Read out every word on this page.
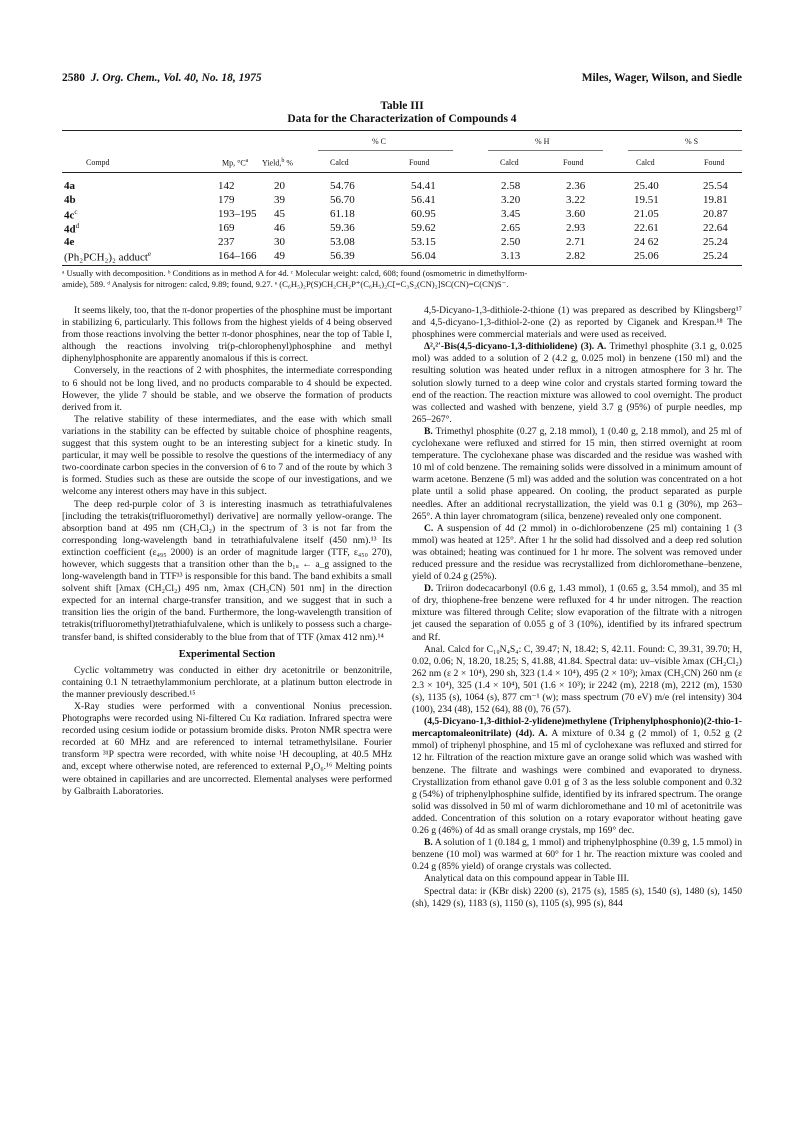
2580 J. Org. Chem., Vol. 40, No. 18, 1975	Miles, Wager, Wilson, and Siedle
Table III
Data for the Characterization of Compounds 4
% C	% H	% S
Compd	Mp, $^\circ C^a$ Yield,$^b$ %	Calcd	Found	Calcd	Found	Calcd	Found
4a	142	20	54.76	54.41	2.58	2.36	25.40	25.54
4b	179	39	56.70	56.41	3.20	3.22	19.51	19.81
$4c^c$	193–195 45	61.18	60.95	3.45	3.60	21.05	20.87
$4d^d$	169	46	59.36	59.62	2.65	2.93	22.61	22.64
4e	237	30	53.08	53.15	2.50	2.71	24 62	25.24
(Ph₂PCH₂)₂ adduct$^e$	164–166 49	56.39	56.04	3.13	2.82	25.06	25.24
ᵃ Usually with decomposition. ᵇ Conditions as in method A for 4d. ᶜ Molecular weight: calcd, 608; found (osmometric in dimethylform-
amide), 589. ᵈ Analysis for nitrogen: calcd, 9.89; found, 9.27. ᵉ (C₆H₅)₂P(S)CH₂CH₂P⁺(C₆H₅)₂C[=C₃S₂(CN)₂]SC(CN)=C(CN)S⁻.

It seems likely, too, that the π-donor properties of the phosphine must be important in stabilizing 6, particularly. This follows from the highest yields of 4 being observed from those reactions involving the better π-donor phosphines, near the top of Table I, although the reactions involving tri(p-chlorophenyl)phosphine and methyl diphenylphosphonite are apparently anomalous if this is correct.

Conversely, in the reactions of 2 with phosphites, the intermediate corresponding to 6 should not be long lived, and no products comparable to 4 should be expected. However, the ylide 7 should be stable, and we observe the formation of products derived from it.

The relative stability of these intermediates, and the ease with which small variations in the stability can be effected by suitable choice of phosphine reagents, suggest that this system ought to be an interesting subject for a kinetic study. In particular, it may well be possible to resolve the questions of the intermediacy of any two-coordinate carbon species in the conversion of 6 to 7 and of the route by which 3 is formed. Studies such as these are outside the scope of our investigations, and we welcome any interest others may have in this subject.

The deep red-purple color of 3 is interesting inasmuch as tetrathiafulvalenes [including the tetrakis(trifluoromethyl) derivative] are normally yellow-orange. The absorption band at 495 nm (CH₂Cl₂) in the spectrum of 3 is not far from the corresponding long-wavelength band in tetrathiafulvalene itself (450 nm).¹³ Its extinction coefficient (ε₄₉₅ 2000) is an order of magnitude larger (TTF, ε₄₅₀ 270), however, which suggests that a transition other than the b₁ᵤ ← a_g assigned to the long-wavelength band in TTF¹³ is responsible for this band. The band exhibits a small solvent shift [λmax (CH₂Cl₂) 495 nm, λmax (CH₃CN) 501 nm] in the direction expected for an internal charge-transfer transition, and we suggest that in such a transition lies the origin of the band. Furthermore, the long-wavelength transition of tetrakis(trifluoromethyl)tetrathiafulvalene, which is unlikely to possess such a charge-transfer band, is shifted considerably to the blue from that of TTF (λmax 412 nm).¹⁴

Experimental Section

Cyclic voltammetry was conducted in either dry acetonitrile or benzonitrile, containing 0.1 N tetraethylammonium perchlorate, at a platinum button electrode in the manner previously described.¹⁵

X-Ray studies were performed with a conventional Nonius precession. Photographs were recorded using Ni-filtered Cu Kα radiation. Infrared spectra were recorded using cesium iodide or potassium bromide disks. Proton NMR spectra were recorded at 60 MHz and are referenced to internal tetramethylsilane. Fourier transform ³¹P spectra were recorded, with white noise ¹H decoupling, at 40.5 MHz and, except where otherwise noted, are referenced to external P₄O₆.¹⁶ Melting points were obtained in capillaries and are uncorrected. Elemental analyses were performed by Galbraith Laboratories.

4,5-Dicyano-1,3-dithiole-2-thione (1) was prepared as described by Klingsberg¹⁷ and 4,5-dicyano-1,3-dithiol-2-one (2) as reported by Ciganek and Krespan.¹⁸ The phosphines were commercial materials and were used as received.

Δ²,²′-Bis(4,5-dicyano-1,3-dithiolidene) (3). A. Trimethyl phosphite (3.1 g, 0.025 mol) was added to a solution of 2 (4.2 g, 0.025 mol) in benzene (150 ml) and the resulting solution was heated under reflux in a nitrogen atmosphere for 3 hr. The solution slowly turned to a deep wine color and crystals started forming toward the end of the reaction. The reaction mixture was allowed to cool overnight. The product was collected and washed with benzene, yield 3.7 g (95%) of purple needles, mp 265–267°.

B. Trimethyl phosphite (0.27 g, 2.18 mmol), 1 (0.40 g, 2.18 mmol), and 25 ml of cyclohexane were refluxed and stirred for 15 min, then stirred overnight at room temperature. The cyclohexane phase was discarded and the residue was washed with 10 ml of cold benzene. The remaining solids were dissolved in a minimum amount of warm acetone. Benzene (5 ml) was added and the solution was concentrated on a hot plate until a solid phase appeared. On cooling, the product separated as purple needles. After an additional recrystallization, the yield was 0.1 g (30%), mp 263–265°. A thin layer chromatogram (silica, benzene) revealed only one component.

C. A suspension of 4d (2 mmol) in o-dichlorobenzene (25 ml) containing 1 (3 mmol) was heated at 125°. After 1 hr the solid had dissolved and a deep red solution was obtained; heating was continued for 1 hr more. The solvent was removed under reduced pressure and the residue was recrystallized from dichloromethane–benzene, yield of 0.24 g (25%).

D. Triiron dodecacarbonyl (0.6 g, 1.43 mmol), 1 (0.65 g, 3.54 mmol), and 35 ml of dry, thiophene-free benzene were refluxed for 4 hr under nitrogen. The reaction mixture was filtered through Celite; slow evaporation of the filtrate with a nitrogen jet caused the separation of 0.055 g of 3 (10%), identified by its infrared spectrum and Rf.

Anal. Calcd for C₁₀N₄S₄: C, 39.47; N, 18.42; S, 42.11. Found: C, 39.31, 39.70; H, 0.02, 0.06; N, 18.20, 18.25; S, 41.88, 41.84. Spectral data: uv–visible λmax (CH₂Cl₂) 262 nm (ε 2 × 10⁴), 290 sh, 323 (1.4 × 10⁴), 495 (2 × 10³); λmax (CH₃CN) 260 nm (ε 2.3 × 10⁴), 325 (1.4 × 10⁴), 501 (1.6 × 10³); ir 2242 (m), 2218 (m), 2212 (m), 1530 (s), 1135 (s), 1064 (s), 877 cm⁻¹ (w); mass spectrum (70 eV) m/e (rel intensity) 304 (100), 234 (48), 152 (64), 88 (0), 76 (57).

(4,5-Dicyano-1,3-dithiol-2-ylidene)methylene (Triphenylphosphonio)(2-thio-1-mercaptomaleonitrilate) (4d). A. A mixture of 0.34 g (2 mmol) of 1, 0.52 g (2 mmol) of triphenyl phosphine, and 15 ml of cyclohexane was refluxed and stirred for 12 hr. Filtration of the reaction mixture gave an orange solid which was washed with benzene. The filtrate and washings were combined and evaporated to dryness. Crystallization from ethanol gave 0.01 g of 3 as the less soluble component and 0.32 g (54%) of triphenylphosphine sulfide, identified by its infrared spectrum. The orange solid was dissolved in 50 ml of warm dichloromethane and 10 ml of acetonitrile was added. Concentration of this solution on a rotary evaporator without heating gave 0.26 g (46%) of 4d as small orange crystals, mp 169° dec.

B. A solution of 1 (0.184 g, 1 mmol) and triphenylphosphine (0.39 g, 1.5 mmol) in benzene (10 mol) was warmed at 60° for 1 hr. The reaction mixture was cooled and 0.24 g (85% yield) of orange crystals was collected.

Analytical data on this compound appear in Table III.

Spectral data: ir (KBr disk) 2200 (s), 2175 (s), 1585 (s), 1540 (s), 1480 (s), 1450 (sh), 1429 (s), 1183 (s), 1150 (s), 1105 (s), 995 (s), 844
